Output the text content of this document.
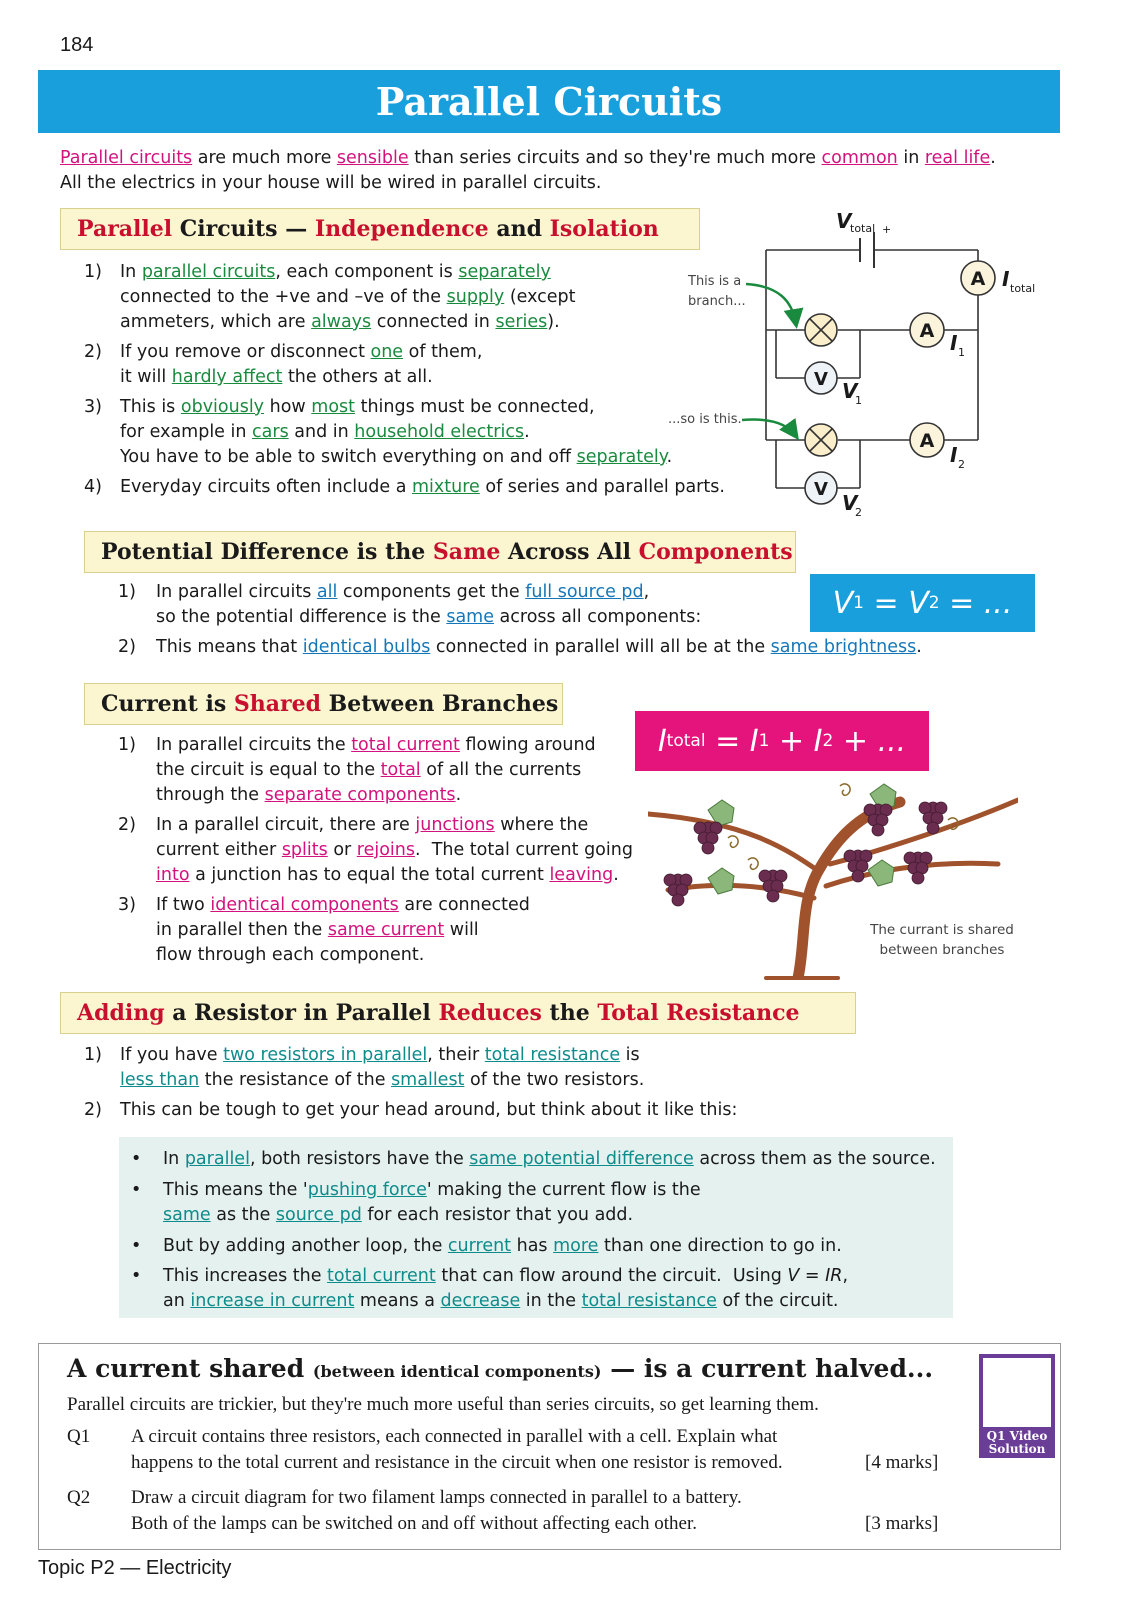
184
Parallel Circuits
Parallel circuits are much more sensible than series circuits and so they're much more common in real life.
All the electrics in your house will be wired in parallel circuits.
Parallel Circuits — Independence and Isolation
1) In parallel circuits, each component is separately
connected to the +ve and –ve of the supply (except
ammeters, which are always connected in series).
2) If you remove or disconnect one of them,
it will hardly affect the others at all.
3) This is obviously how most things must be connected,
for example in cars and in household electrics.
You have to be able to switch everything on and off separately.
4) Everyday circuits often include a mixture of series and parallel parts.
V
V
A
A
A
V
total +
I total
I 1
I 2
V
1
V
2
This is a
branch...
...so is this.
Potential Difference is the Same Across All Components
1) In parallel circuits all components get the full source pd,
so the potential difference is the same across all components:
2) This means that identical bulbs connected in parallel will all be at the same brightness.
V 1 = V 2 = ...
Current is Shared Between Branches
I total = I 1 + I 2 + ...
1) In parallel circuits the total current flowing around
the circuit is equal to the total of all the currents
through the separate components.
2) In a parallel circuit, there are junctions where the
current either splits or rejoins.  The total current going
into a junction has to equal the total current leaving.
3) If two identical components are connected
in parallel then the same current will
flow through each component.
The currant is shared
between branches
Adding a Resistor in Parallel Reduces the Total Resistance
1) If you have two resistors in parallel, their total resistance is
less than the resistance of the smallest of the two resistors.
2) This can be tough to get your head around, but think about it like this:
• In parallel, both resistors have the same potential difference across them as the source.
• This means the 'pushing force' making the current flow is the
same as the source pd for each resistor that you add.
• But by adding another loop, the current has more than one direction to go in.
• This increases the total current that can flow around the circuit.  Using V = IR,
an increase in current means a decrease in the total resistance of the circuit.
A current shared (between identical components) — is a current halved...
Parallel circuits are trickier, but they're much more useful than series circuits, so get learning them.
Q1 A circuit contains three resistors, each connected in parallel with a cell. Explain what
happens to the total current and resistance in the circuit when one resistor is removed.	[4 marks]
Q2 Draw a circuit diagram for two filament lamps connected in parallel to a battery.
Both of the lamps can be switched on and off without affecting each other.	[3 marks]
Q1 Video
Solution
Topic P2 — Electricity
